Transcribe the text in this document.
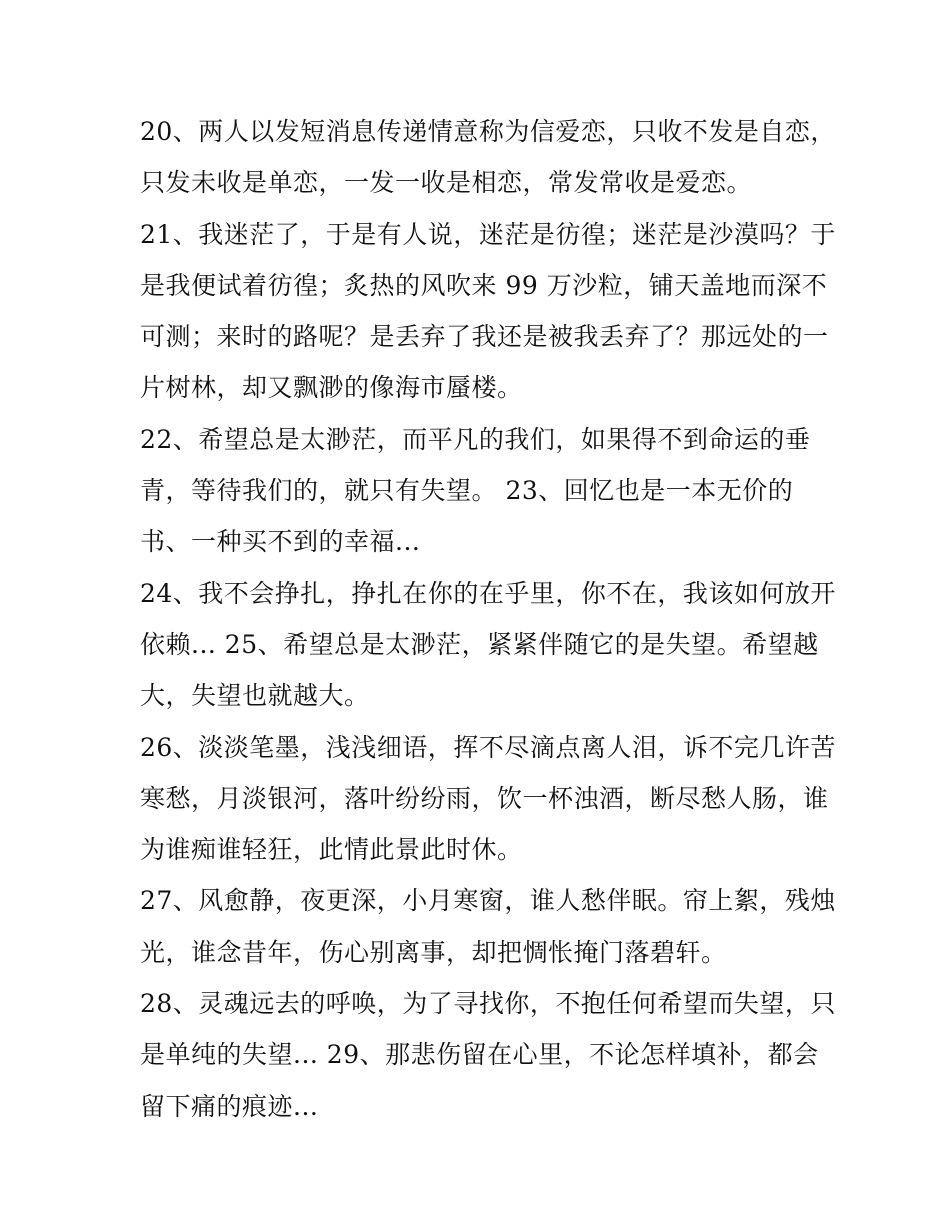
20、两人以发短消息传递情意称为信爱恋，只收不发是自恋，
只发未收是单恋，一发一收是相恋，常发常收是爱恋。
21、我迷茫了，于是有人说，迷茫是彷徨；迷茫是沙漠吗？于
是我便试着彷徨；炙热的风吹来 99 万沙粒，铺天盖地而深不
可测；来时的路呢？是丢弃了我还是被我丢弃了？那远处的一
片树林，却又飘渺的像海市蜃楼。
22、希望总是太渺茫，而平凡的我们，如果得不到命运的垂
青，等待我们的，就只有失望。 23、回忆也是一本无价的
书、一种买不到的幸福...
24、我不会挣扎，挣扎在你的在乎里，你不在，我该如何放开
依赖... 25、希望总是太渺茫，紧紧伴随它的是失望。希望越
大，失望也就越大。
26、淡淡笔墨，浅浅细语，挥不尽滴点离人泪，诉不完几许苦
寒愁，月淡银河，落叶纷纷雨，饮一杯浊酒，断尽愁人肠，谁
为谁痴谁轻狂，此情此景此时休。
27、风愈静，夜更深，小月寒窗，谁人愁伴眠。帘上絮，残烛
光，谁念昔年，伤心别离事，却把惆怅掩门落碧轩。
28、灵魂远去的呼唤，为了寻找你，不抱任何希望而失望，只
是单纯的失望... 29、那悲伤留在心里，不论怎样填补，都会
留下痛的痕迹...
